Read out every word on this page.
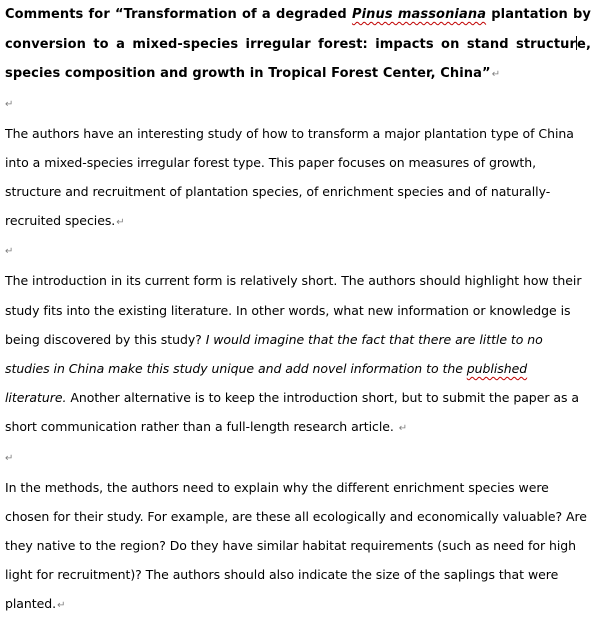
Comments for “Transformation of a degraded Pinus massoniana plantation by conversion to a mixed-species irregular forest: impacts on stand structure, species composition and growth in Tropical Forest Center, China”↵
↵

The authors have an interesting study of how to transform a major plantation type of China into a mixed-species irregular forest type. This paper focuses on measures of growth, structure and recruitment of plantation species, of enrichment species and of naturally-recruited species.↵

↵

The introduction in its current form is relatively short. The authors should highlight how their study fits into the existing literature. In other words, what new information or knowledge is being discovered by this study? I would imagine that the fact that there are little to no studies in China make this study unique and add novel information to the published literature. Another alternative is to keep the introduction short, but to submit the paper as a short communication rather than a full-length research article. ↵

↵

In the methods, the authors need to explain why the different enrichment species were chosen for their study. For example, are these all ecologically and economically valuable? Are they native to the region? Do they have similar habitat requirements (such as need for high light for recruitment)? The authors should also indicate the size of the saplings that were planted.↵
